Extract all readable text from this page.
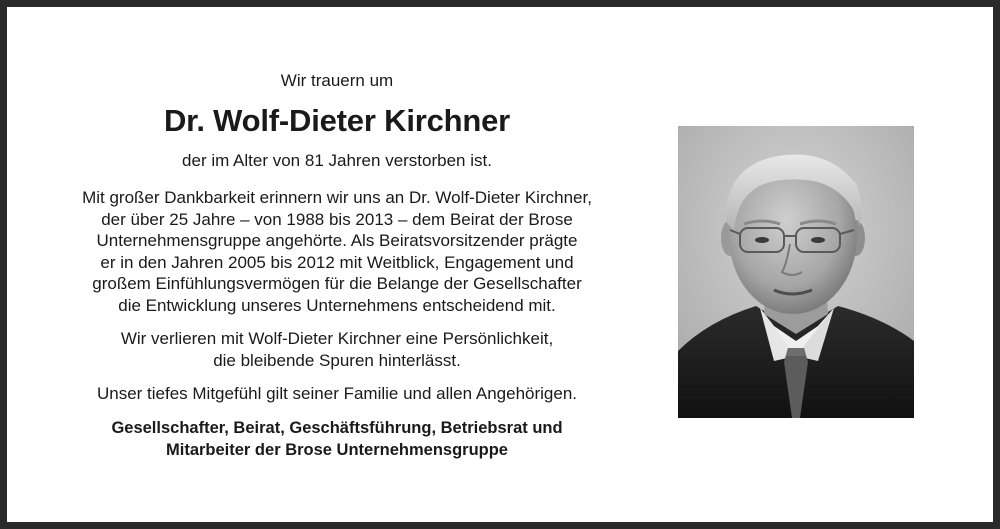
Wir trauern um

Dr. Wolf-Dieter Kirchner

der im Alter von 81 Jahren verstorben ist.

Mit großer Dankbarkeit erinnern wir uns an Dr. Wolf-Dieter Kirchner,
der über 25 Jahre – von 1988 bis 2013 – dem Beirat der Brose
Unternehmensgruppe angehörte. Als Beiratsvorsitzender prägte
er in den Jahren 2005 bis 2012 mit Weitblick, Engagement und
großem Einfühlungsvermögen für die Belange der Gesellschafter
die Entwicklung unseres Unternehmens entscheidend mit.

Wir verlieren mit Wolf-Dieter Kirchner eine Persönlichkeit,
die bleibende Spuren hinterlässt.

Unser tiefes Mitgefühl gilt seiner Familie und allen Angehörigen.

Gesellschafter, Beirat, Geschäftsführung, Betriebsrat und
Mitarbeiter der Brose Unternehmensgruppe
